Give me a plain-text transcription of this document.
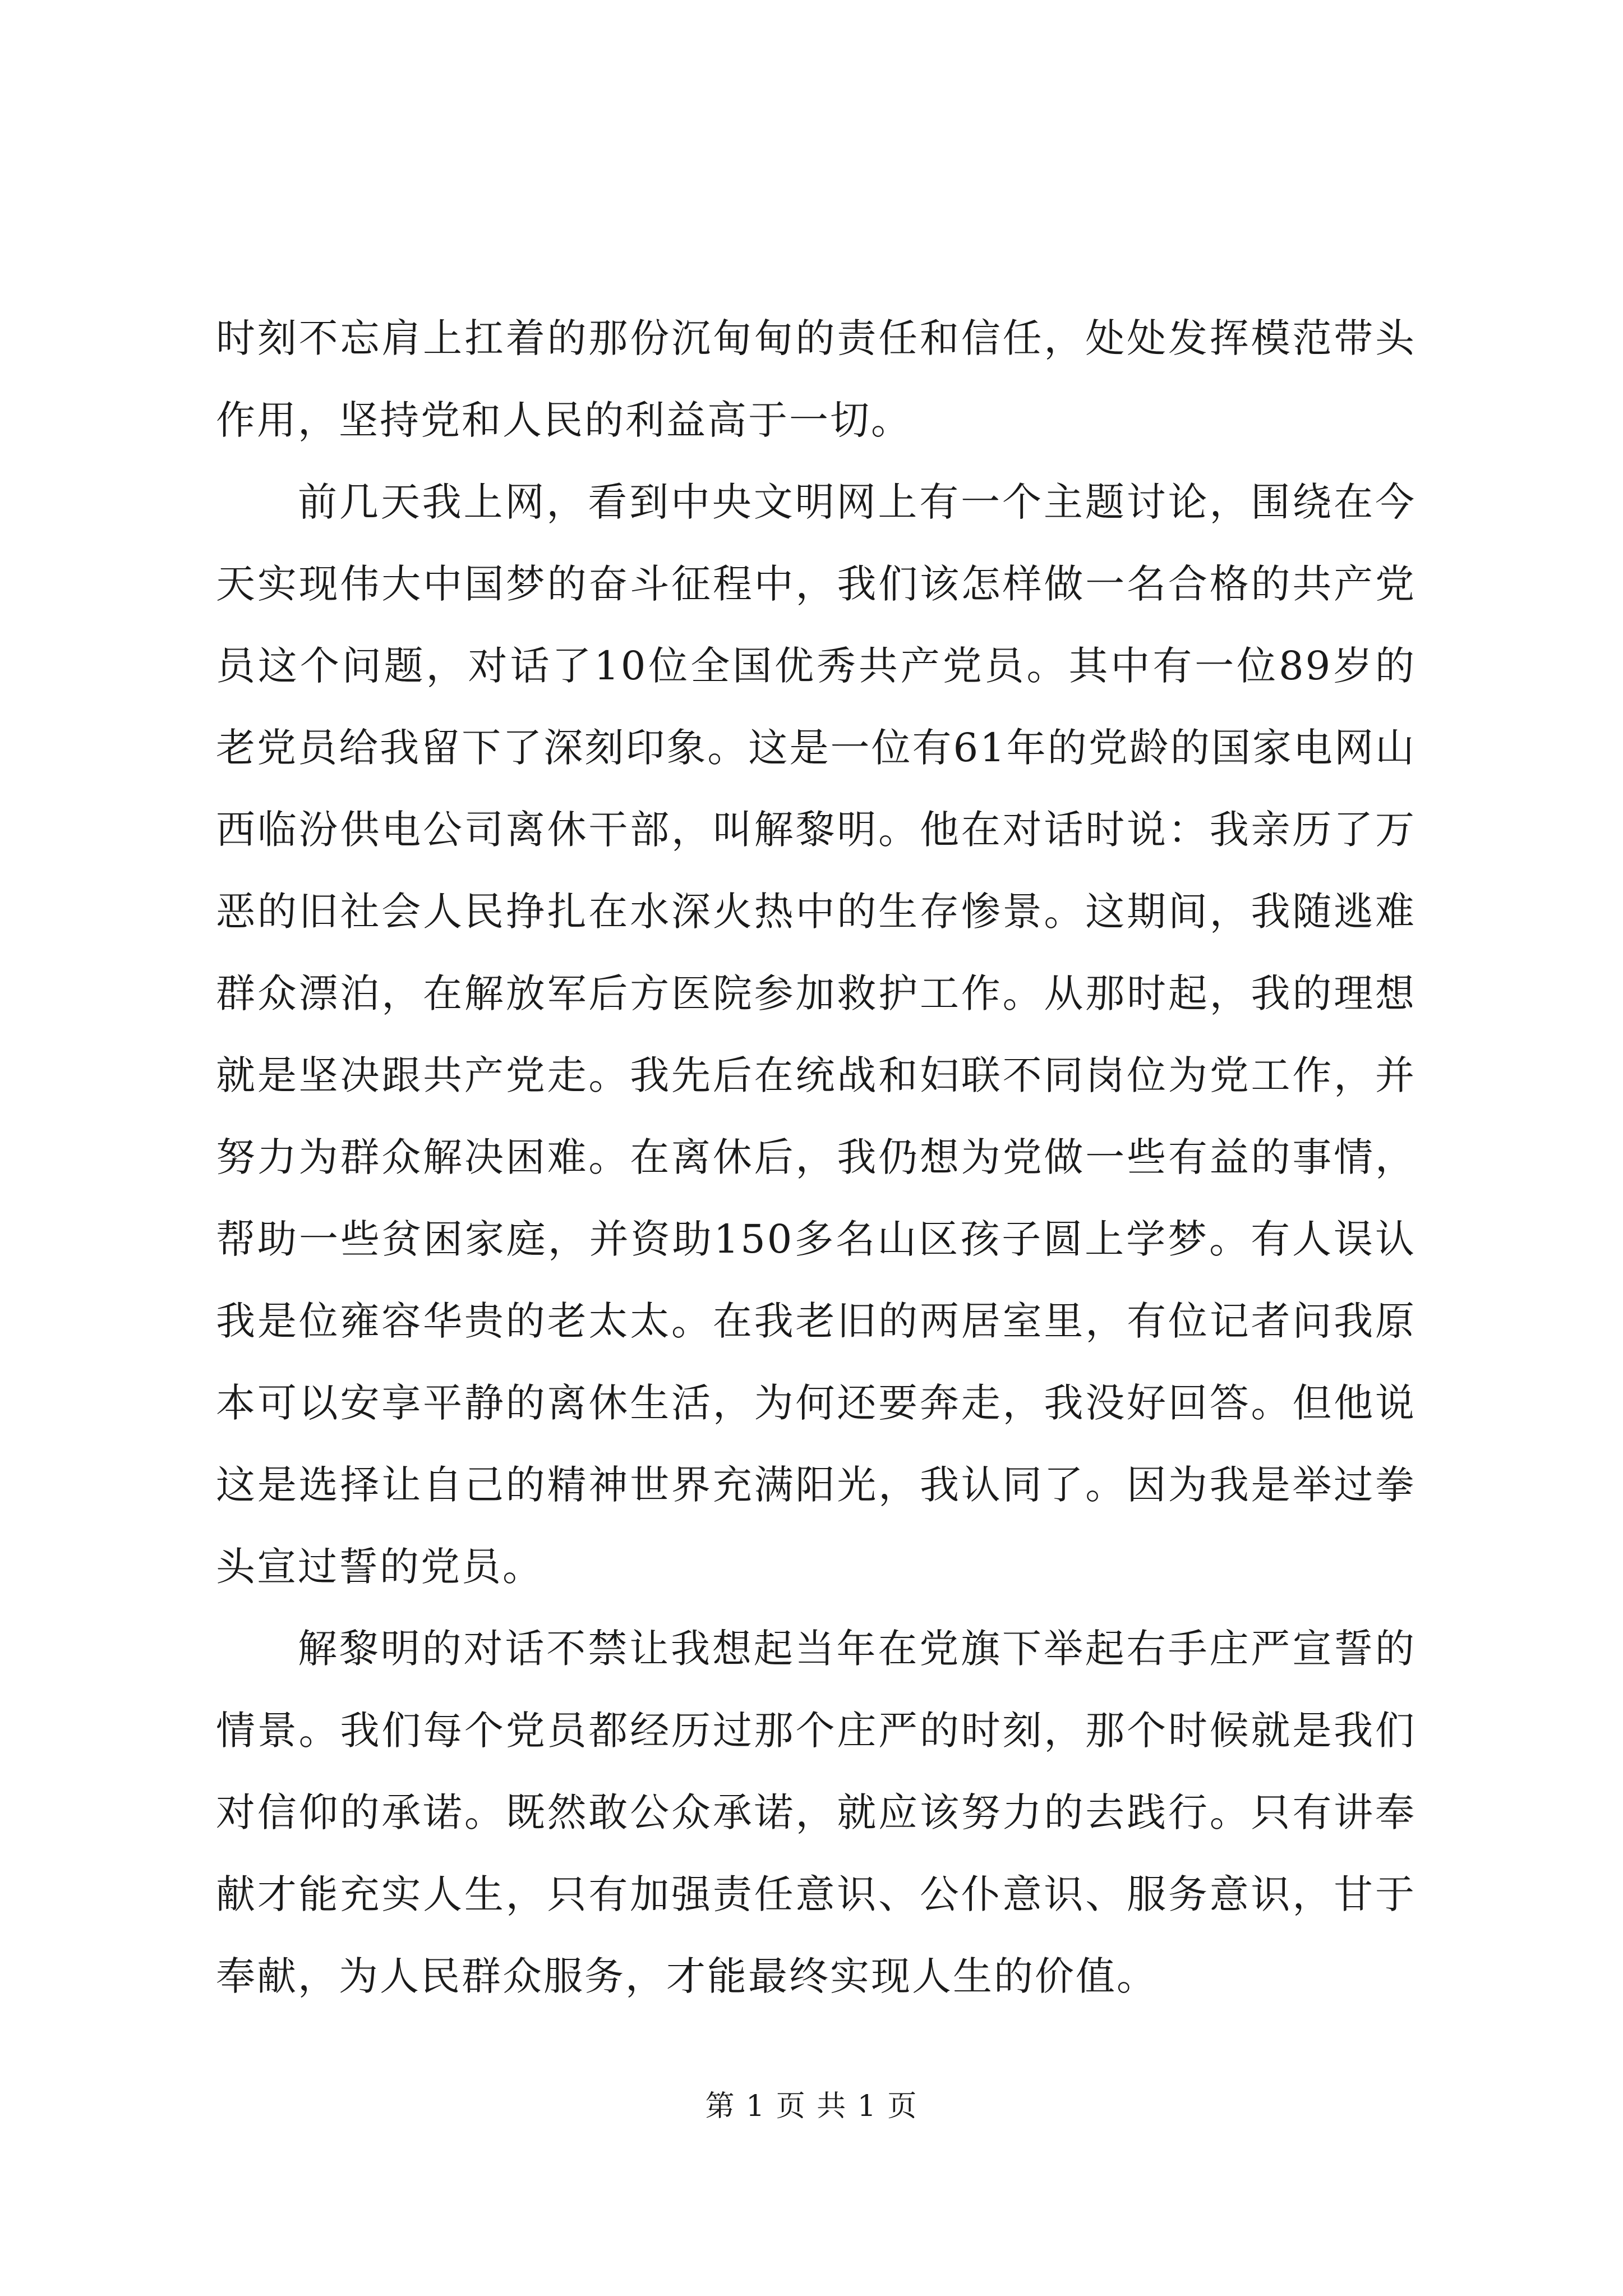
时刻不忘肩上扛着的那份沉甸甸的责任和信任，处处发挥模范带头作用，坚持党和人民的利益高于一切。

前几天我上网，看到中央文明网上有一个主题讨论，围绕在今天实现伟大中国梦的奋斗征程中，我们该怎样做一名合格的共产党员这个问题，对话了10位全国优秀共产党员。其中有一位89岁的老党员给我留下了深刻印象。这是一位有61年的党龄的国家电网山西临汾供电公司离休干部，叫解黎明。他在对话时说：我亲历了万恶的旧社会人民挣扎在水深火热中的生存惨景。这期间，我随逃难群众漂泊，在解放军后方医院参加救护工作。从那时起，我的理想就是坚决跟共产党走。我先后在统战和妇联不同岗位为党工作，并努力为群众解决困难。在离休后，我仍想为党做一些有益的事情，帮助一些贫困家庭，并资助150多名山区孩子圆上学梦。有人误认我是位雍容华贵的老太太。在我老旧的两居室里，有位记者问我原本可以安享平静的离休生活，为何还要奔走，我没好回答。但他说这是选择让自己的精神世界充满阳光，我认同了。因为我是举过拳头宣过誓的党员。

解黎明的对话不禁让我想起当年在党旗下举起右手庄严宣誓的情景。我们每个党员都经历过那个庄严的时刻，那个时候就是我们对信仰的承诺。既然敢公众承诺，就应该努力的去践行。只有讲奉献才能充实人生，只有加强责任意识、公仆意识、服务意识，甘于奉献，为人民群众服务，才能最终实现人生的价值。

第 1 页 共 1 页
